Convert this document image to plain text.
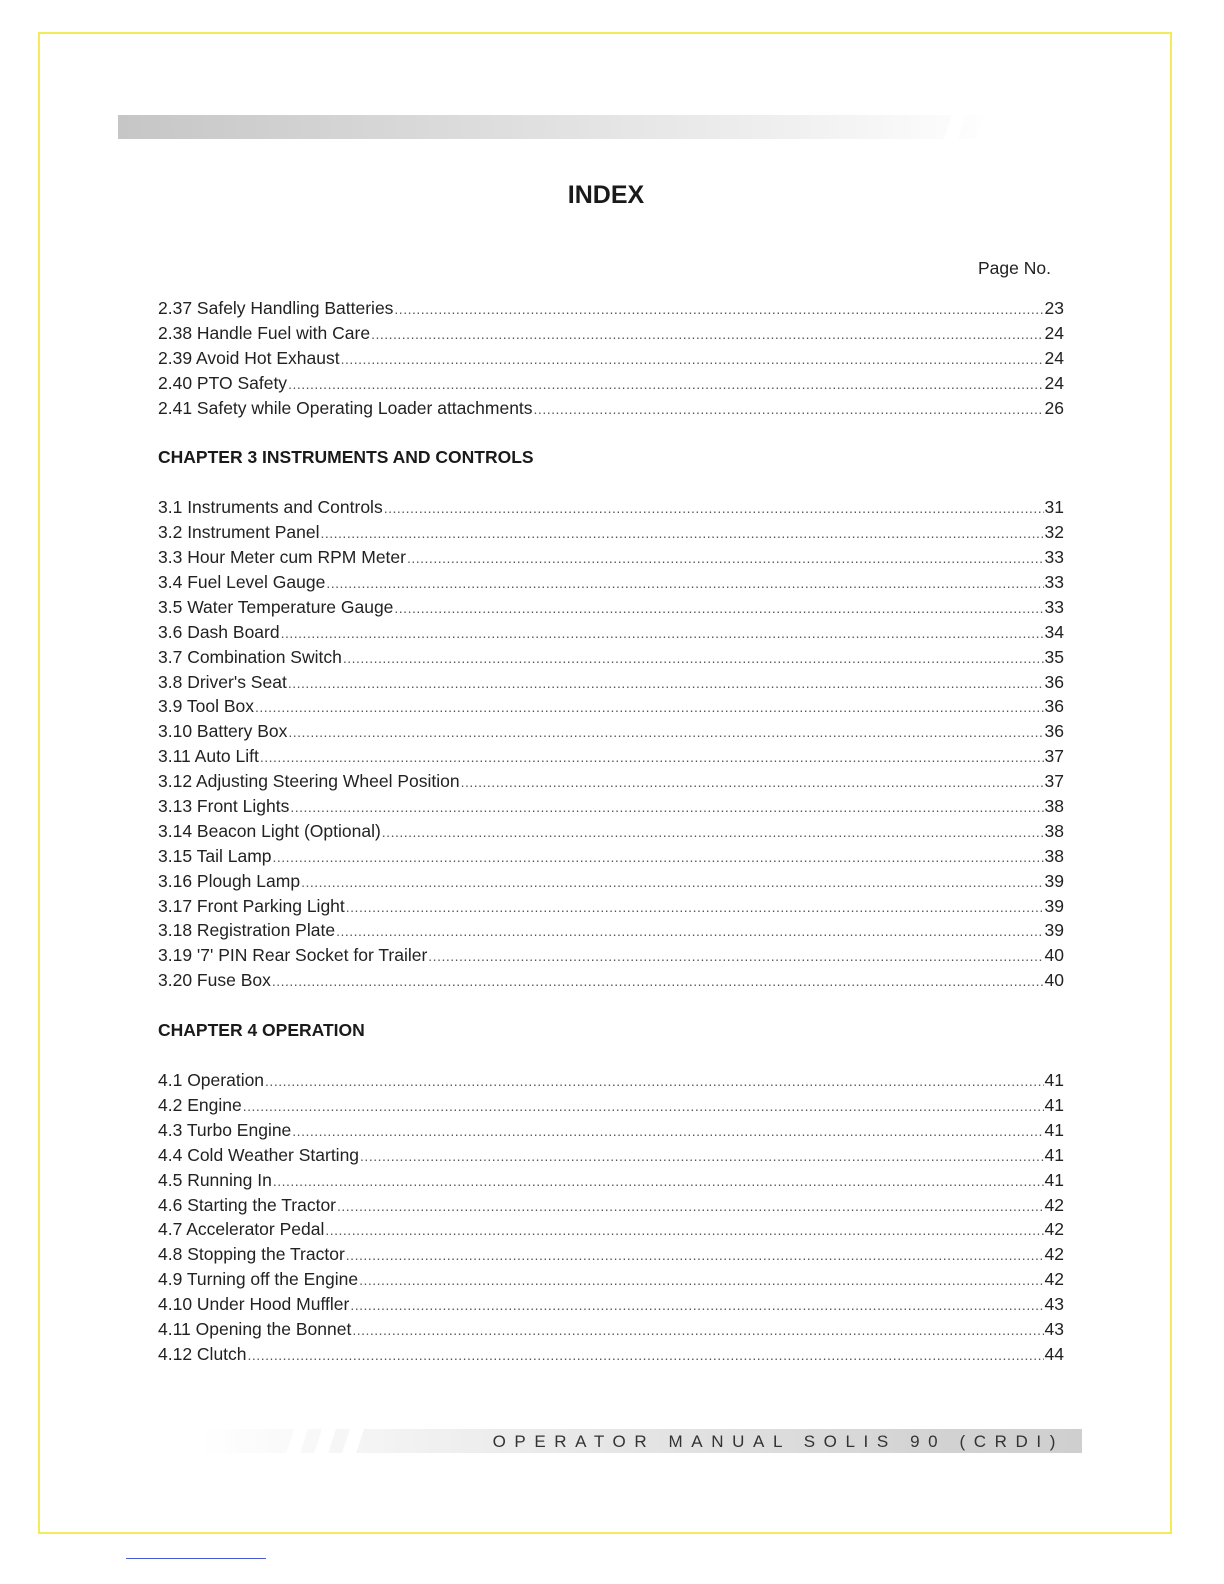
INDEX
Page No.
2.37 Safely Handling Batteries .....	23
2.38 Handle Fuel with Care .....	24
2.39 Avoid Hot Exhaust .....	24
2.40 PTO Safety .....	24
2.41 Safety while Operating Loader attachments .....	26
CHAPTER 3 INSTRUMENTS AND CONTROLS
3.1 Instruments and Controls .....	31
3.2 Instrument Panel .....	32
3.3 Hour Meter cum RPM Meter .....	33
3.4 Fuel Level Gauge .....	33
3.5 Water Temperature Gauge .....	33
3.6 Dash Board .....	34
3.7 Combination Switch .....	35
3.8 Driver's Seat .....	36
3.9 Tool Box .....	36
3.10 Battery Box .....	36
3.11 Auto Lift .....	37
3.12 Adjusting Steering Wheel Position .....	37
3.13 Front Lights .....	38
3.14 Beacon Light (Optional) .....	38
3.15 Tail Lamp .....	38
3.16 Plough Lamp .....	39
3.17 Front Parking Light .....	39
3.18 Registration Plate .....	39
3.19 '7' PIN Rear Socket for Trailer .....	40
3.20 Fuse Box .....	40
CHAPTER 4 OPERATION
4.1 Operation .....	41
4.2 Engine .....	41
4.3 Turbo Engine .....	41
4.4 Cold Weather Starting .....	41
4.5 Running In .....	41
4.6 Starting the Tractor .....	42
4.7 Accelerator Pedal .....	42
4.8 Stopping the Tractor .....	42
4.9 Turning off the Engine .....	42
4.10 Under Hood Muffler .....	43
4.11 Opening the Bonnet .....	43
4.12 Clutch .....	44
OPERATOR MANUAL SOLIS 90 (CRDI)
